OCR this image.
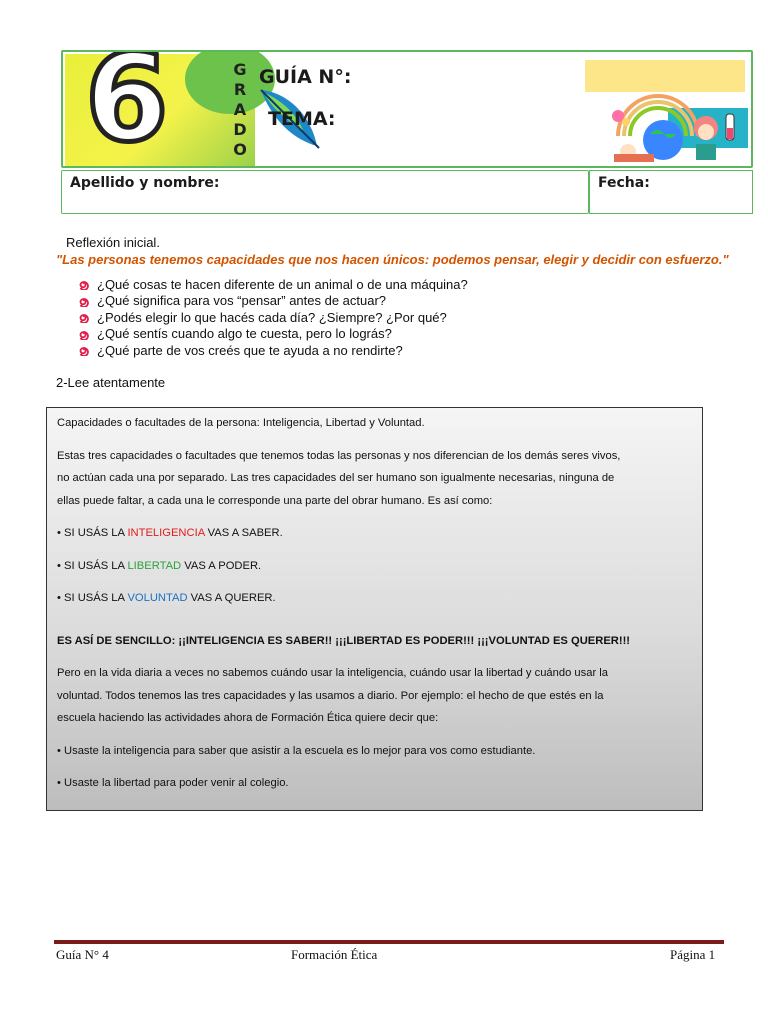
6	G
R
A
D
O
GUÍA N°:
TEMA:
Apellido y nombre:	Fecha:
Reflexión inicial.
"Las personas tenemos capacidades que nos hacen únicos: podemos pensar, elegir y decidir con esfuerzo."
¿Qué cosas te hacen diferente de un animal o de una máquina?
¿Qué significa para vos “pensar” antes de actuar?
¿Podés elegir lo que hacés cada día? ¿Siempre? ¿Por qué?
¿Qué sentís cuando algo te cuesta, pero lo lográs?
¿Qué parte de vos creés que te ayuda a no rendirte?
2-Lee atentamente

Capacidades o facultades de la persona: Inteligencia, Libertad y Voluntad.

Estas tres capacidades o facultades que tenemos todas las personas y nos diferencian de los demás seres vivos,

no actúan cada una por separado. Las tres capacidades del ser humano son igualmente necesarias, ninguna de

ellas puede faltar, a cada una le corresponde una parte del obrar humano. Es así como:

• SI USÁS LA INTELIGENCIA VAS A SABER.

• SI USÁS LA LIBERTAD VAS A PODER.

• SI USÁS LA VOLUNTAD VAS A QUERER.

ES ASÍ DE SENCILLO: ¡¡INTELIGENCIA ES SABER!! ¡¡¡LIBERTAD ES PODER!!! ¡¡¡VOLUNTAD ES QUERER!!!

Pero en la vida diaria a veces no sabemos cuándo usar la inteligencia, cuándo usar la libertad y cuándo usar la

voluntad. Todos tenemos las tres capacidades y las usamos a diario. Por ejemplo: el hecho de que estés en la

escuela haciendo las actividades ahora de Formación Ética quiere decir que:

• Usaste la inteligencia para saber que asistir a la escuela es lo mejor para vos como estudiante.

• Usaste la libertad para poder venir al colegio.

Guía N° 4	Formación Ética	Página 1
